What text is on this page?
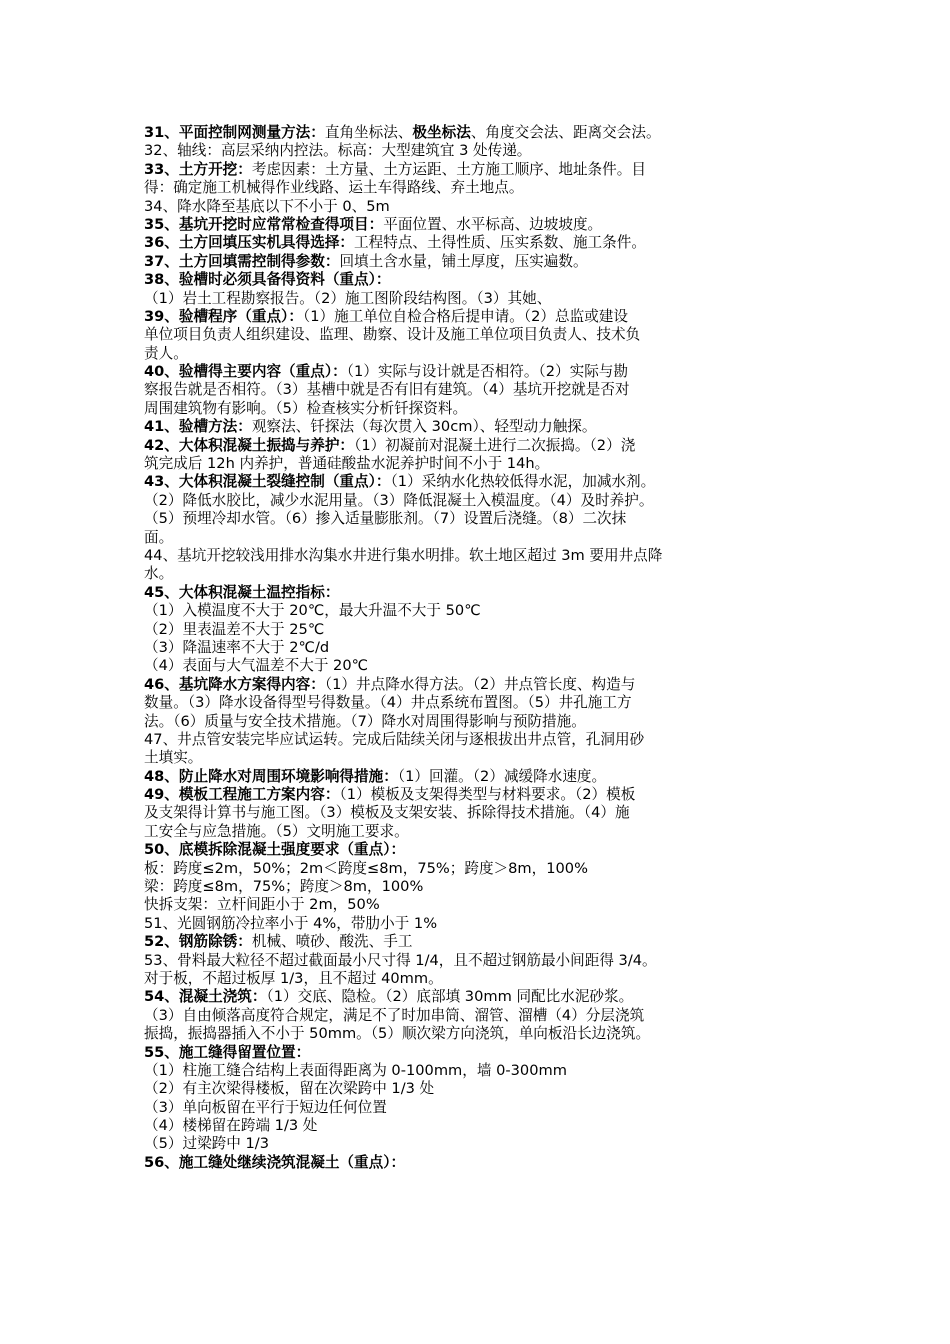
31、平面控制网测量方法：直角坐标法、极坐标法、角度交会法、距离交会法。
32、轴线：高层采纳内控法。标高：大型建筑宜 3 处传递。
33、土方开挖：考虑因素：土方量、土方运距、土方施工顺序、地址条件。目
得：确定施工机械得作业线路、运土车得路线、弃土地点。
34、降水降至基底以下不小于 0、5m
35、基坑开挖时应常常检查得项目：平面位置、水平标高、边坡坡度。
36、土方回填压实机具得选择：工程特点、土得性质、压实系数、施工条件。
37、土方回填需控制得参数：回填土含水量，铺土厚度，压实遍数。
38、验槽时必须具备得资料（重点）：
（1）岩土工程勘察报告。（2）施工图阶段结构图。（3）其她、
39、验槽程序（重点）：（1）施工单位自检合格后提申请。（2）总监或建设
单位项目负责人组织建设、监理、勘察、设计及施工单位项目负责人、技术负
责人。
40、验槽得主要内容（重点）：（1）实际与设计就是否相符。（2）实际与勘
察报告就是否相符。（3）基槽中就是否有旧有建筑。（4）基坑开挖就是否对
周围建筑物有影响。（5）检查核实分析钎探资料。
41、验槽方法：观察法、钎探法（每次贯入 30cm）、轻型动力触探。
42、大体积混凝土振捣与养护：（1）初凝前对混凝土进行二次振捣。（2）浇
筑完成后 12h 内养护，普通硅酸盐水泥养护时间不小于 14h。
43、大体积混凝土裂缝控制（重点）：（1）采纳水化热较低得水泥，加减水剂。
（2）降低水胶比，减少水泥用量。（3）降低混凝土入模温度。（4）及时养护。
（5）预埋冷却水管。（6）掺入适量膨胀剂。（7）设置后浇缝。（8）二次抹
面。
44、基坑开挖较浅用排水沟集水井进行集水明排。软土地区超过 3m 要用井点降
水。
45、大体积混凝土温控指标：
（1）入模温度不大于 20℃，最大升温不大于 50℃
（2）里表温差不大于 25℃
（3）降温速率不大于 2℃/d
（4）表面与大气温差不大于 20℃
46、基坑降水方案得内容：（1）井点降水得方法。（2）井点管长度、构造与
数量。（3）降水设备得型号得数量。（4）井点系统布置图。（5）井孔施工方
法。（6）质量与安全技术措施。（7）降水对周围得影响与预防措施。
47、井点管安装完毕应试运转。完成后陆续关闭与逐根拔出井点管，孔洞用砂
土填实。
48、防止降水对周围环境影响得措施：（1）回灌。（2）减缓降水速度。
49、模板工程施工方案内容：（1）模板及支架得类型与材料要求。（2）模板
及支架得计算书与施工图。（3）模板及支架安装、拆除得技术措施。（4）施
工安全与应急措施。（5）文明施工要求。
50、底模拆除混凝土强度要求（重点）：
板：跨度≤2m，50%；2m＜跨度≤8m，75%；跨度＞8m，100%
梁：跨度≤8m，75%；跨度＞8m，100%
快拆支架：立杆间距小于 2m，50%
51、光圆钢筋冷拉率小于 4%，带肋小于 1%
52、钢筋除锈：机械、喷砂、酸洗、手工
53、骨料最大粒径不超过截面最小尺寸得 1/4，且不超过钢筋最小间距得 3/4。
对于板，不超过板厚 1/3，且不超过 40mm。
54、混凝土浇筑：（1）交底、隐检。（2）底部填 30mm 同配比水泥砂浆。
（3）自由倾落高度符合规定，满足不了时加串筒、溜管、溜槽（4）分层浇筑
振捣，振捣器插入不小于 50mm。（5）顺次梁方向浇筑，单向板沿长边浇筑。
55、施工缝得留置位置：
（1）柱施工缝合结构上表面得距离为 0-100mm，墙 0-300mm
（2）有主次梁得楼板，留在次梁跨中 1/3 处
（3）单向板留在平行于短边任何位置
（4）楼梯留在跨端 1/3 处
（5）过梁跨中 1/3
56、施工缝处继续浇筑混凝土（重点）：
